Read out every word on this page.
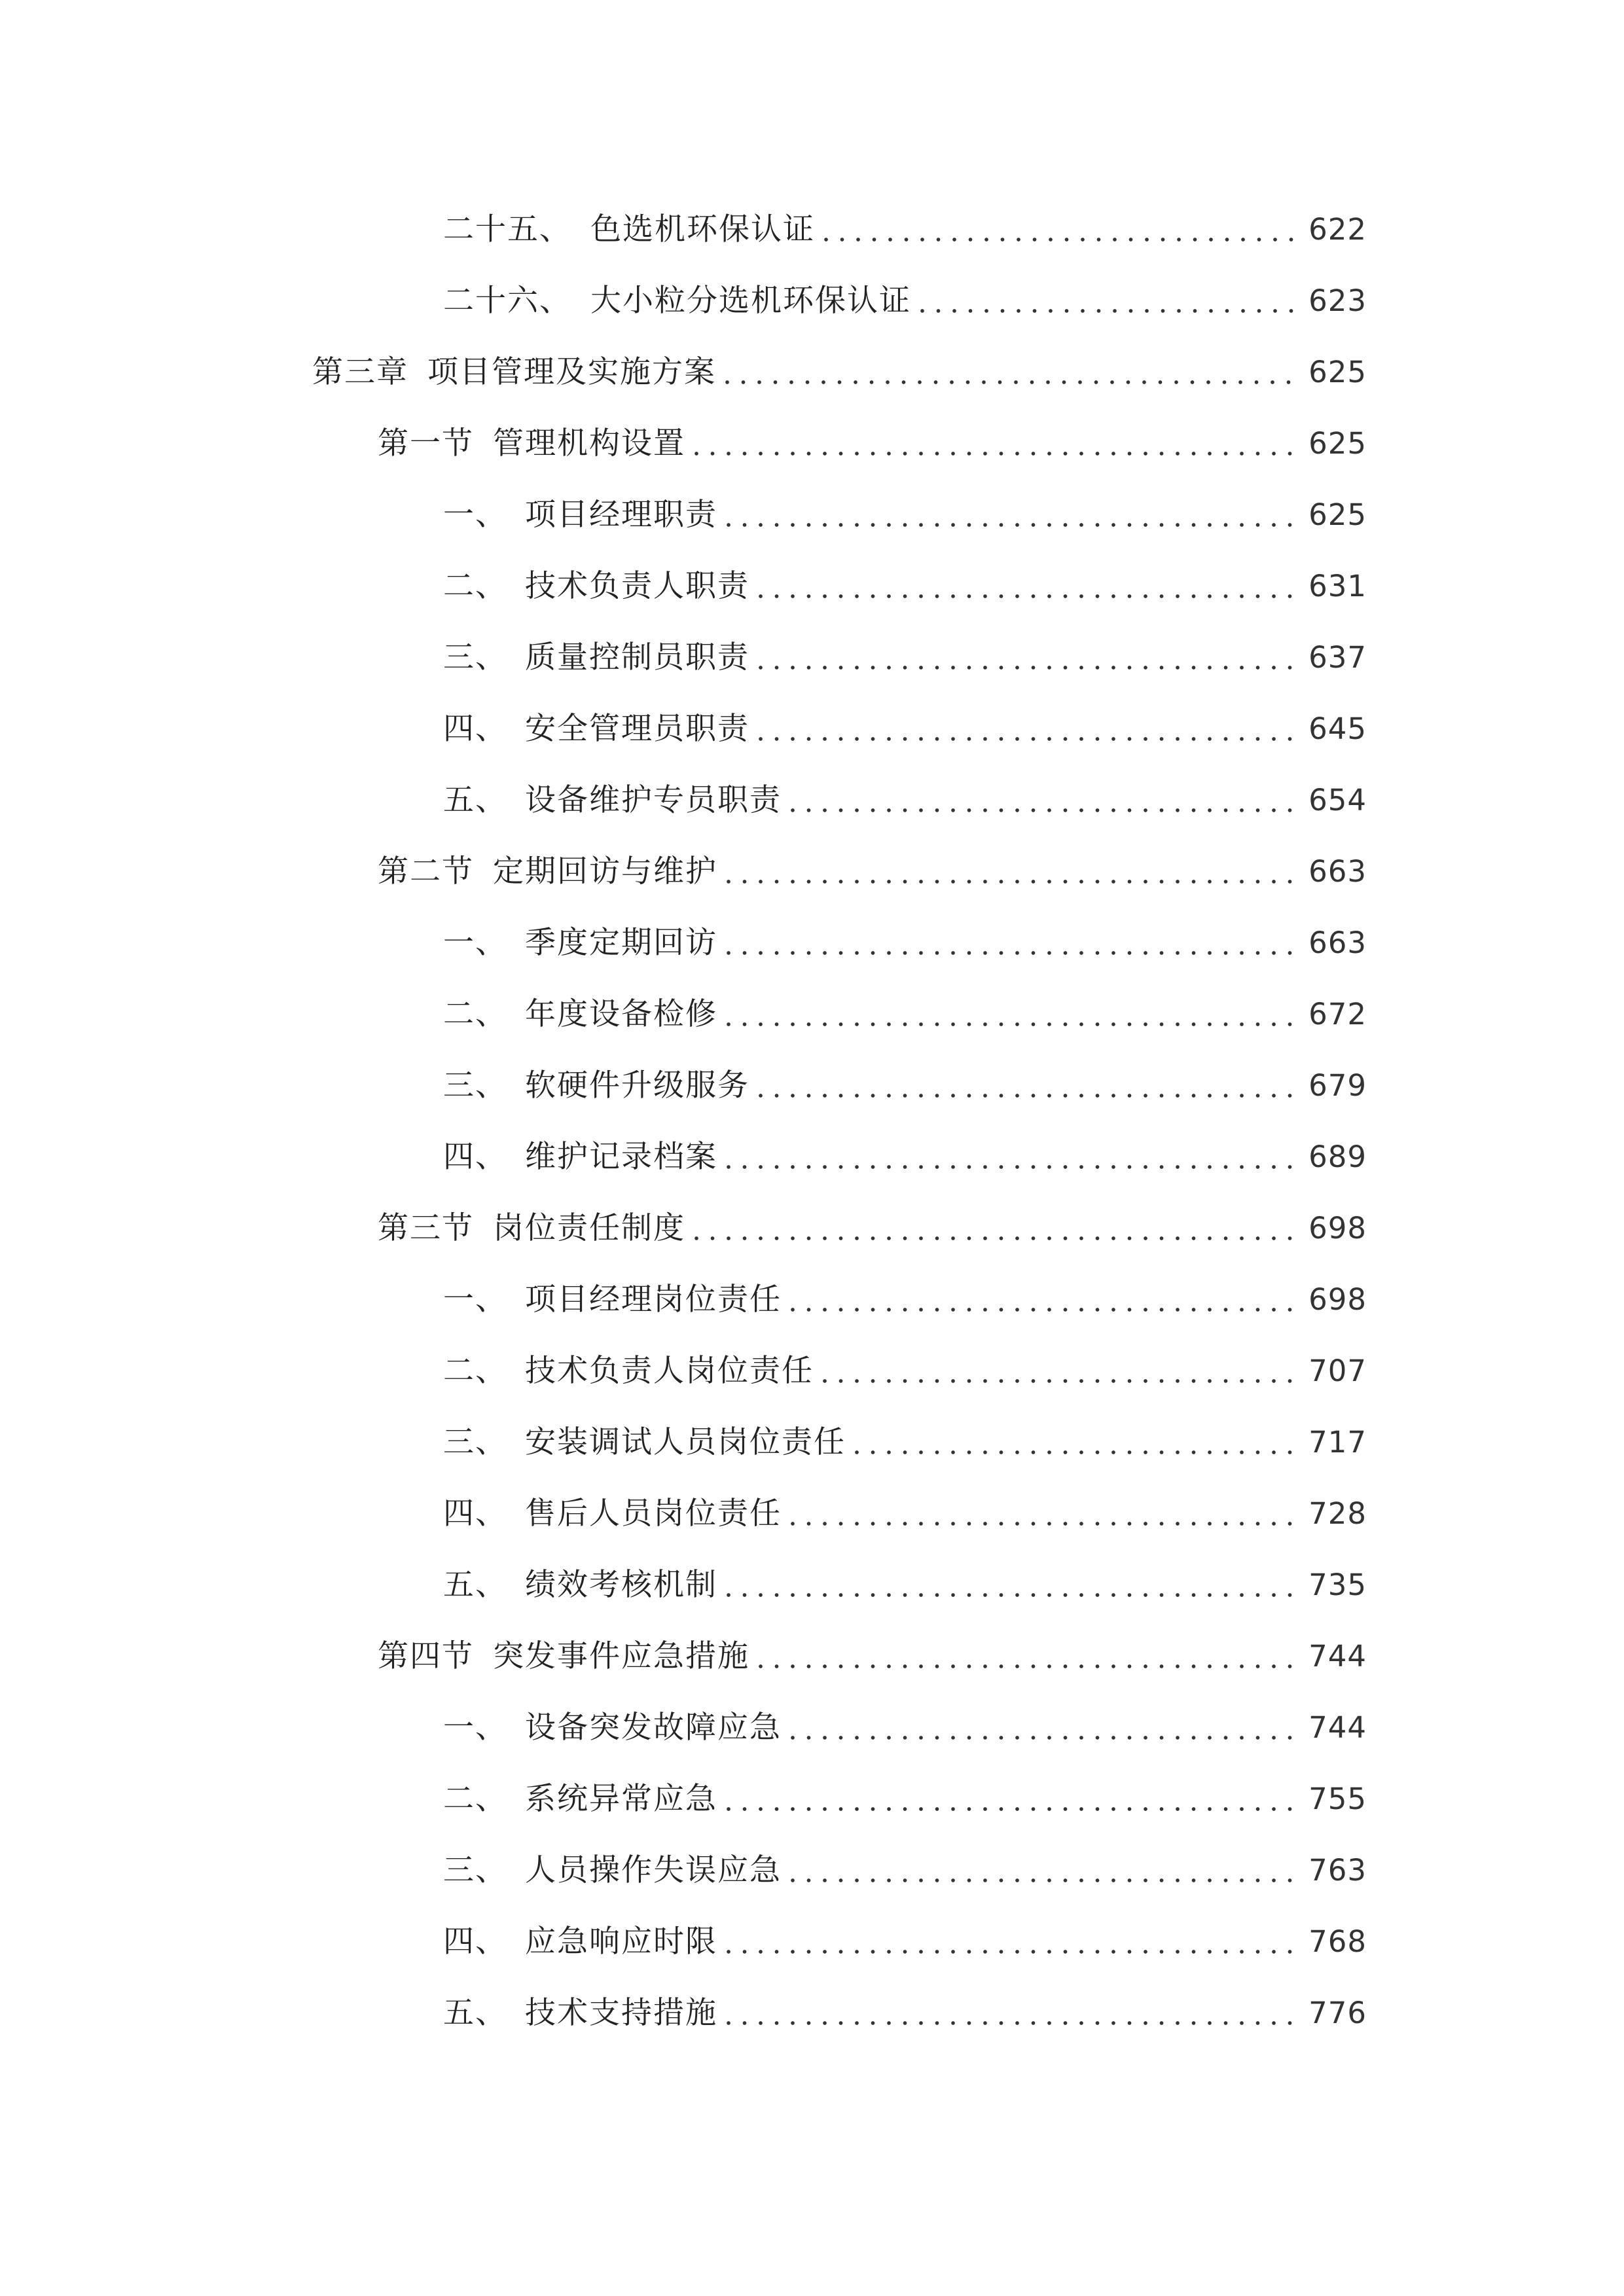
二十五、 色选机环保认证	622
二十六、 大小粒分选机环保认证	623
第三章 项目管理及实施方案	625
第一节 管理机构设置	625
一、 项目经理职责	625
二、 技术负责人职责	631
三、 质量控制员职责	637
四、 安全管理员职责	645
五、 设备维护专员职责	654
第二节 定期回访与维护	663
一、 季度定期回访	663
二、 年度设备检修	672
三、 软硬件升级服务	679
四、 维护记录档案	689
第三节 岗位责任制度	698
一、 项目经理岗位责任	698
二、 技术负责人岗位责任	707
三、 安装调试人员岗位责任	717
四、 售后人员岗位责任	728
五、 绩效考核机制	735
第四节 突发事件应急措施	744
一、 设备突发故障应急	744
二、 系统异常应急	755
三、 人员操作失误应急	763
四、 应急响应时限	768
五、 技术支持措施	776
